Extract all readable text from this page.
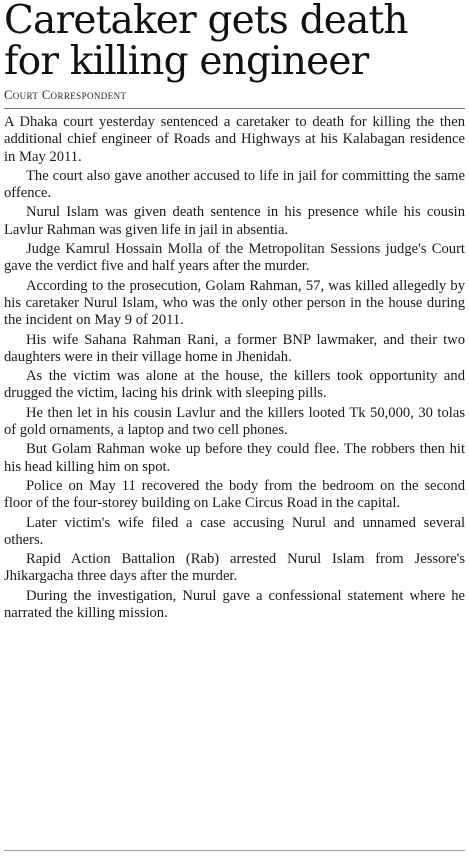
Caretaker gets death
for killing engineer
Court Correspondent

A Dhaka court yesterday sentenced a caretaker to death for killing the then additional chief engineer of Roads and Highways at his Kalabagan residence in May 2011.

The court also gave another accused to life in jail for committing the same offence.

Nurul Islam was given death sentence in his presence while his cousin Lavlur Rahman was given life in jail in absentia.

Judge Kamrul Hossain Molla of the Metropolitan Sessions judge's Court gave the verdict five and half years after the murder.

According to the prosecution, Golam Rahman, 57, was killed allegedly by his caretaker Nurul Islam, who was the only other person in the house during the incident on May 9 of 2011.

His wife Sahana Rahman Rani, a former BNP lawmaker, and their two daughters were in their village home in Jhenidah.

As the victim was alone at the house, the killers took opportunity and drugged the victim, lacing his drink with sleeping pills.

He then let in his cousin Lavlur and the killers looted Tk 50,000, 30 tolas of gold ornaments, a laptop and two cell phones.

But Golam Rahman woke up before they could flee. The robbers then hit his head killing him on spot.

Police on May 11 recovered the body from the bedroom on the second floor of the four-storey building on Lake Circus Road in the capital.

Later victim's wife filed a case accusing Nurul and unnamed several others.

Rapid Action Battalion (Rab) arrested Nurul Islam from Jessore's Jhikargacha three days after the murder.

During the investigation, Nurul gave a confessional statement where he narrated the killing mission.
